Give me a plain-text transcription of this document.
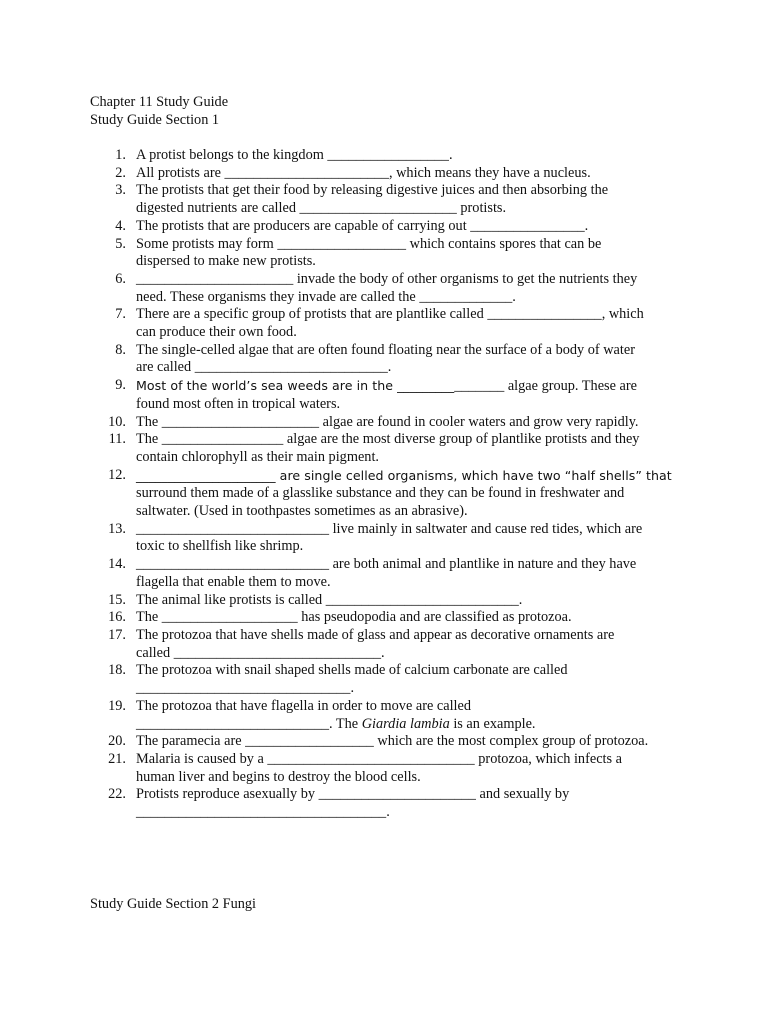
Chapter 11 Study Guide
Study Guide Section 1
1. A protist belongs to the kingdom _________________.
2. All protists are _______________________, which means they have a nucleus.
3. The protists that get their food by releasing digestive juices and then absorbing the
digested nutrients are called ______________________ protists.
4. The protists that are producers are capable of carrying out ________________.
5. Some protists may form __________________ which contains spores that can be
dispersed to make new protists.
6. ______________________ invade the body of other organisms to get the nutrients they
need. These organisms they invade are called the _____________.
7. There are a specific group of protists that are plantlike called ________________, which
can produce their own food.
8. The single-celled algae that are often found floating near the surface of a body of water
are called ___________________________.
9. Most of the world’s sea weeds are in the ________________ algae group. These are
found most often in tropical waters.
10. The ______________________ algae are found in cooler waters and grow very rapidly.
11. The _________________ algae are the most diverse group of plantlike protists and they
contain chlorophyll as their main pigment.
12. ______________________ are single celled organisms, which have two “half shells” that
surround them made of a glasslike substance and they can be found in freshwater and
saltwater. (Used in toothpastes sometimes as an abrasive).
13. ___________________________ live mainly in saltwater and cause red tides, which are
toxic to shellfish like shrimp.
14. ___________________________ are both animal and plantlike in nature and they have
flagella that enable them to move.
15. The animal like protists is called ___________________________.
16. The ___________________ has pseudopodia and are classified as protozoa.
17. The protozoa that have shells made of glass and appear as decorative ornaments are
called _____________________________.
18. The protozoa with snail shaped shells made of calcium carbonate are called
______________________________.
19. The protozoa that have flagella in order to move are called
___________________________. The Giardia lambia is an example.
20. The paramecia are __________________ which are the most complex group of protozoa.
21. Malaria is caused by a _____________________________ protozoa, which infects a
human liver and begins to destroy the blood cells.
22. Protists reproduce asexually by ______________________ and sexually by
___________________________________.
Study Guide Section 2 Fungi
